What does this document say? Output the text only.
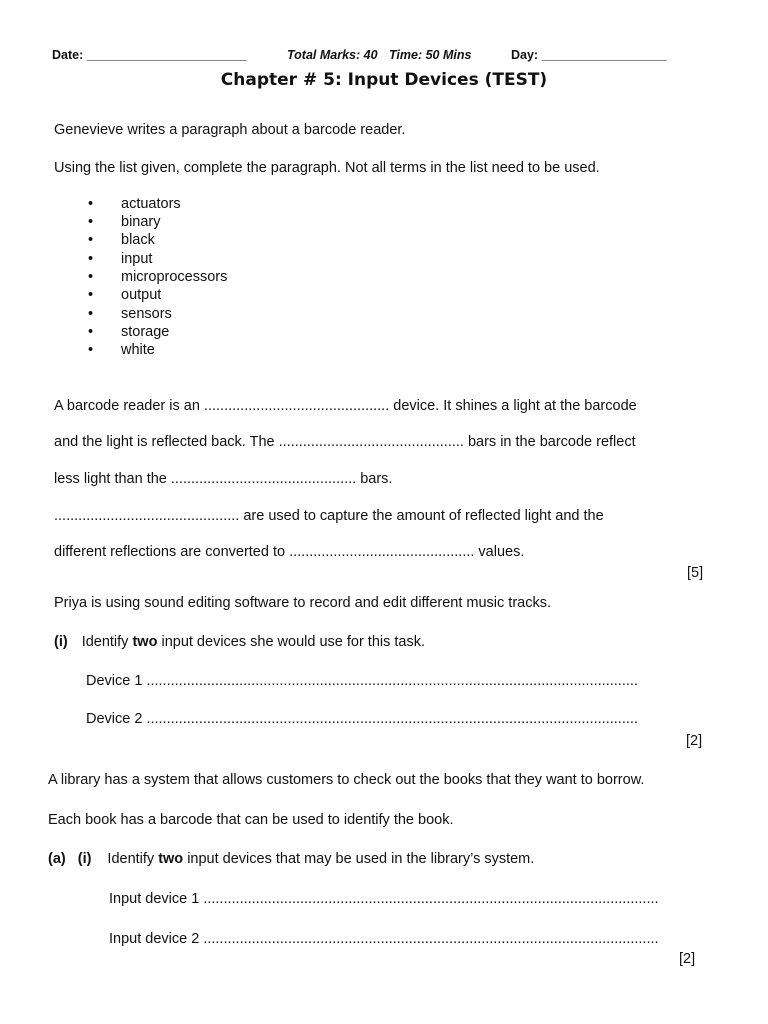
Date: _______________________	Total Marks: 40 Time: 50 Mins	Day: __________________
Chapter # 5: Input Devices (TEST)
Genevieve writes a paragraph about a barcode reader.
Using the list given, complete the paragraph. Not all terms in the list need to be used.
• actuators
• binary
• black
• input
• microprocessors
• output
• sensors
• storage
• white
A barcode reader is an .............................................. device. It shines a light at the barcode
and the light is reflected back. The .............................................. bars in the barcode reflect
less light than the .............................................. bars.
.............................................. are used to capture the amount of reflected light and the
different reflections are converted to .............................................. values.
[5]
Priya is using sound editing software to record and edit different music tracks.
(i) Identify two input devices she would use for this task.
Device 1 ..........................................................................................................................
Device 2 ..........................................................................................................................
[2]
A library has a system that allows customers to check out the books that they want to borrow.
Each book has a barcode that can be used to identify the book.
(a) (i) Identify two input devices that may be used in the library’s system.
Input device 1 .................................................................................................................
Input device 2 .................................................................................................................
[2]
